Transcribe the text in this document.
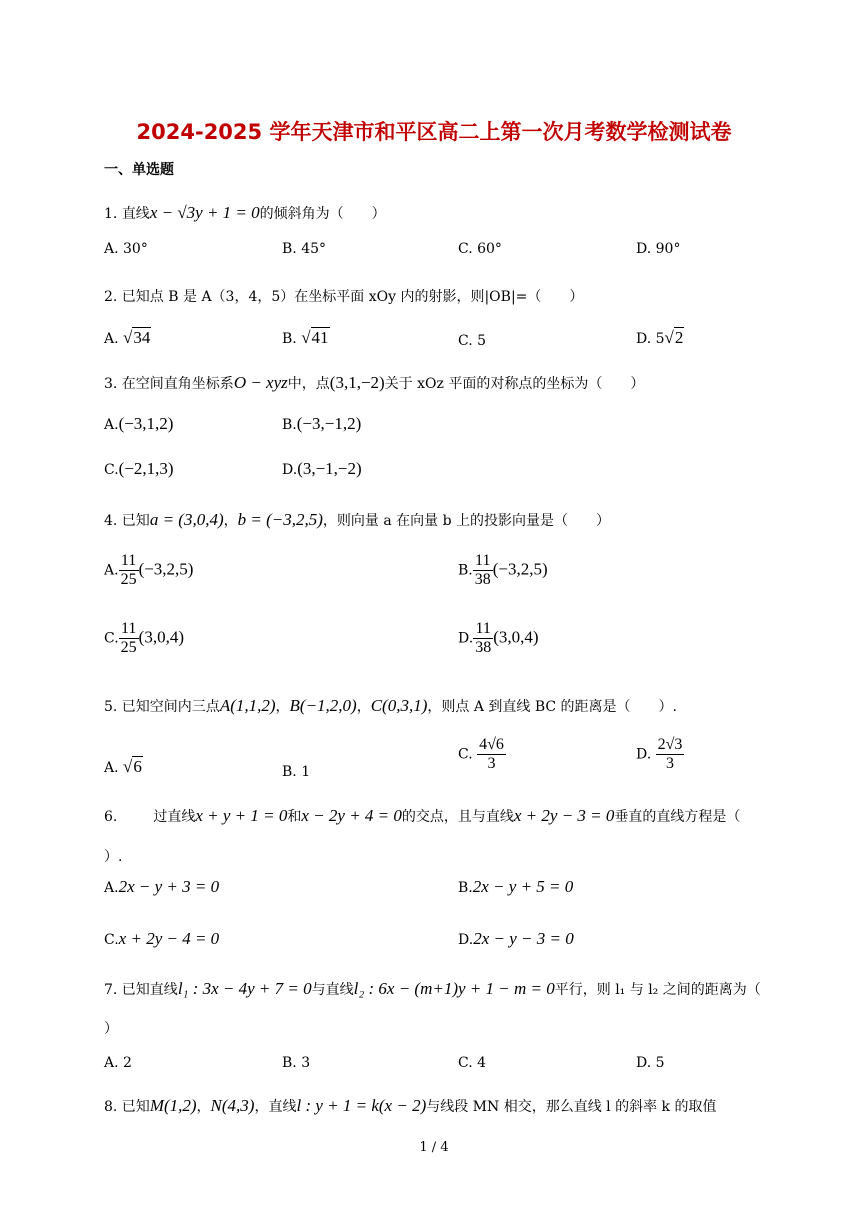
2024-2025 学年天津市和平区高二上第一次月考数学检测试卷
一、单选题
1. 直线x − √3y + 1 = 0的倾斜角为（　　）
A. 30°	B. 45°	C. 60°	D. 90°
2. 已知点 B 是 A（3，4，5）在坐标平面 xOy 内的射影，则|OB|=（　　）
A. √34	B. √41	C. 5	D. 5√2
3. 在空间直角坐标系O − xyz中，点(3,1,−2)关于 xOz 平面的对称点的坐标为（　　）
A.(−3,1,2)	B.(−3,−1,2)
C.(−2,1,3)	D.(3,−1,−2)
4. 已知a = (3,0,4)，b = (−3,2,5)，则向量 a 在向量 b 上的投影向量是（　　）
A. $\frac{11}{25} (-3,2,5)$	B. $\frac{11}{38} (-3,2,5)$
C. $\frac{11}{25} (3,0,4)$	D. $\frac{11}{38} (3,0,4)$
5. 已知空间内三点A(1,1,2)，B(−1,2,0)，C(0,3,1)，则点 A 到直线 BC 的距离是（　　）.
A. √6	B. 1
C. $\frac{4√6}{3}$	D. $\frac{2√3}{3}$
6.	过直线x + y + 1 = 0和x − 2y + 4 = 0的交点，且与直线x + 2y − 3 = 0垂直的直线方程是（
）.
A.2x − y + 3 = 0	B.2x − y + 5 = 0
C.x + 2y − 4 = 0	D.2x − y − 3 = 0
7. 已知直线l₁ : 3x − 4y + 7 = 0与直线l₂ : 6x − (m+1)y + 1 − m = 0平行，则 l₁ 与 l₂ 之间的距离为（
）
A. 2	B. 3	C. 4	D. 5
8. 已知M(1,2)，N(4,3)，直线l : y + 1 = k(x − 2)与线段 MN 相交，那么直线 l 的斜率 k 的取值
1 / 4
